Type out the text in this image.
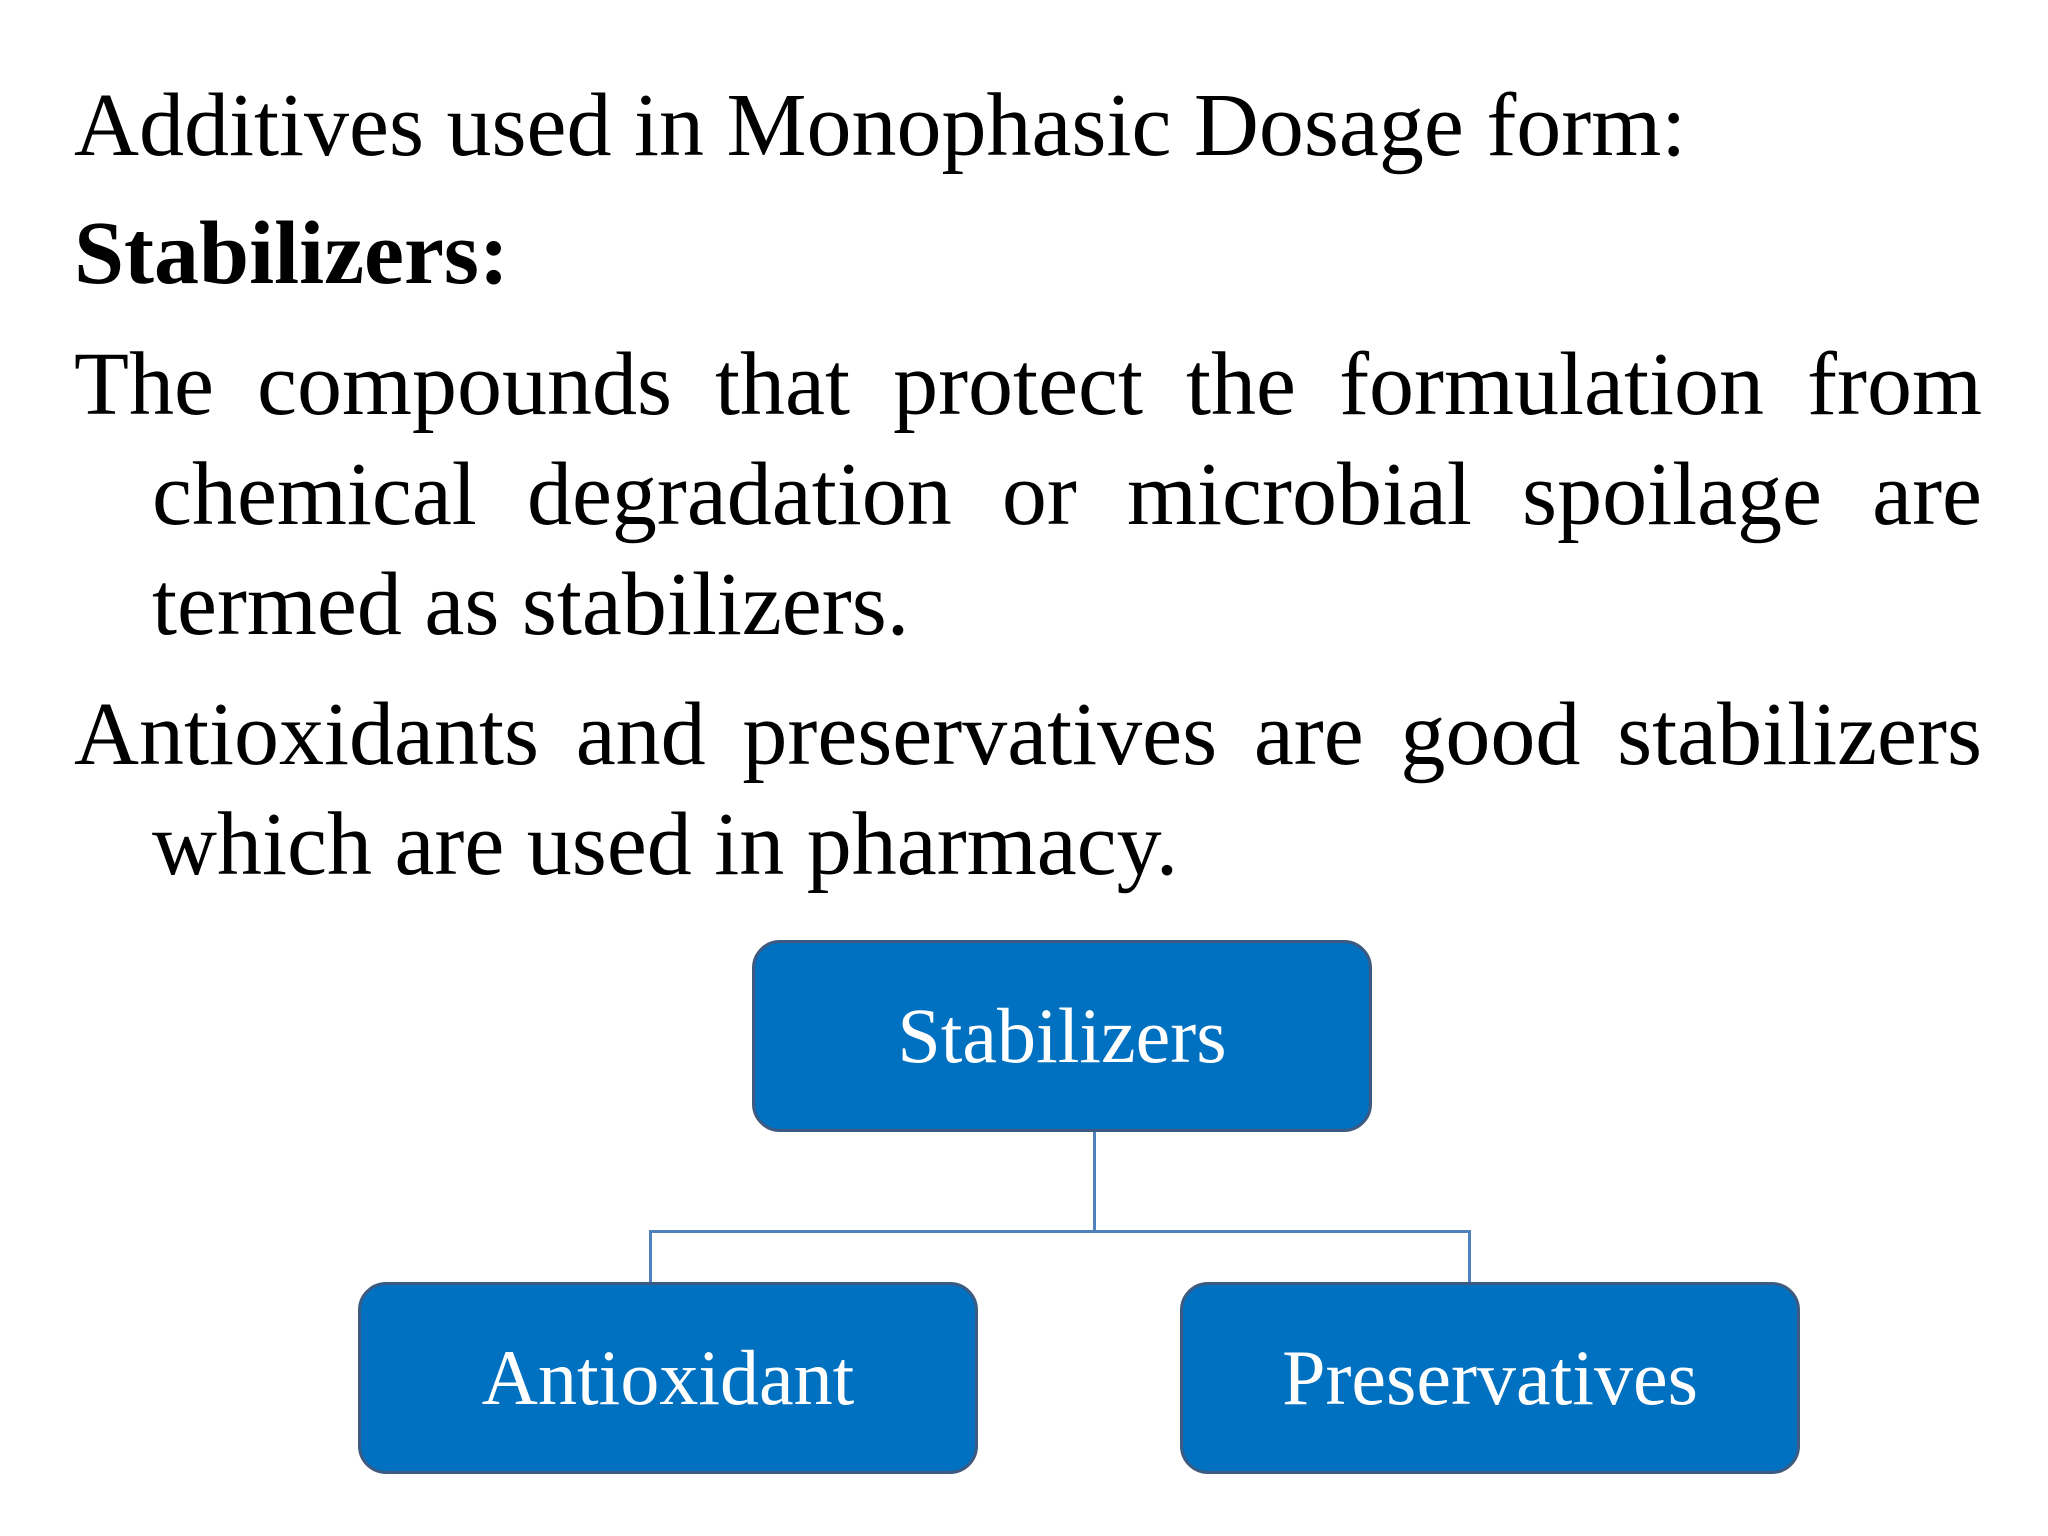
Additives used in Monophasic Dosage form:
Stabilizers:

The compounds that protect the formulation from chemical degradation or microbial spoilage are termed as stabilizers.

Antioxidants and preservatives are good stabilizers which are used in pharmacy.

Stabilizers
Antioxidant	Preservatives
